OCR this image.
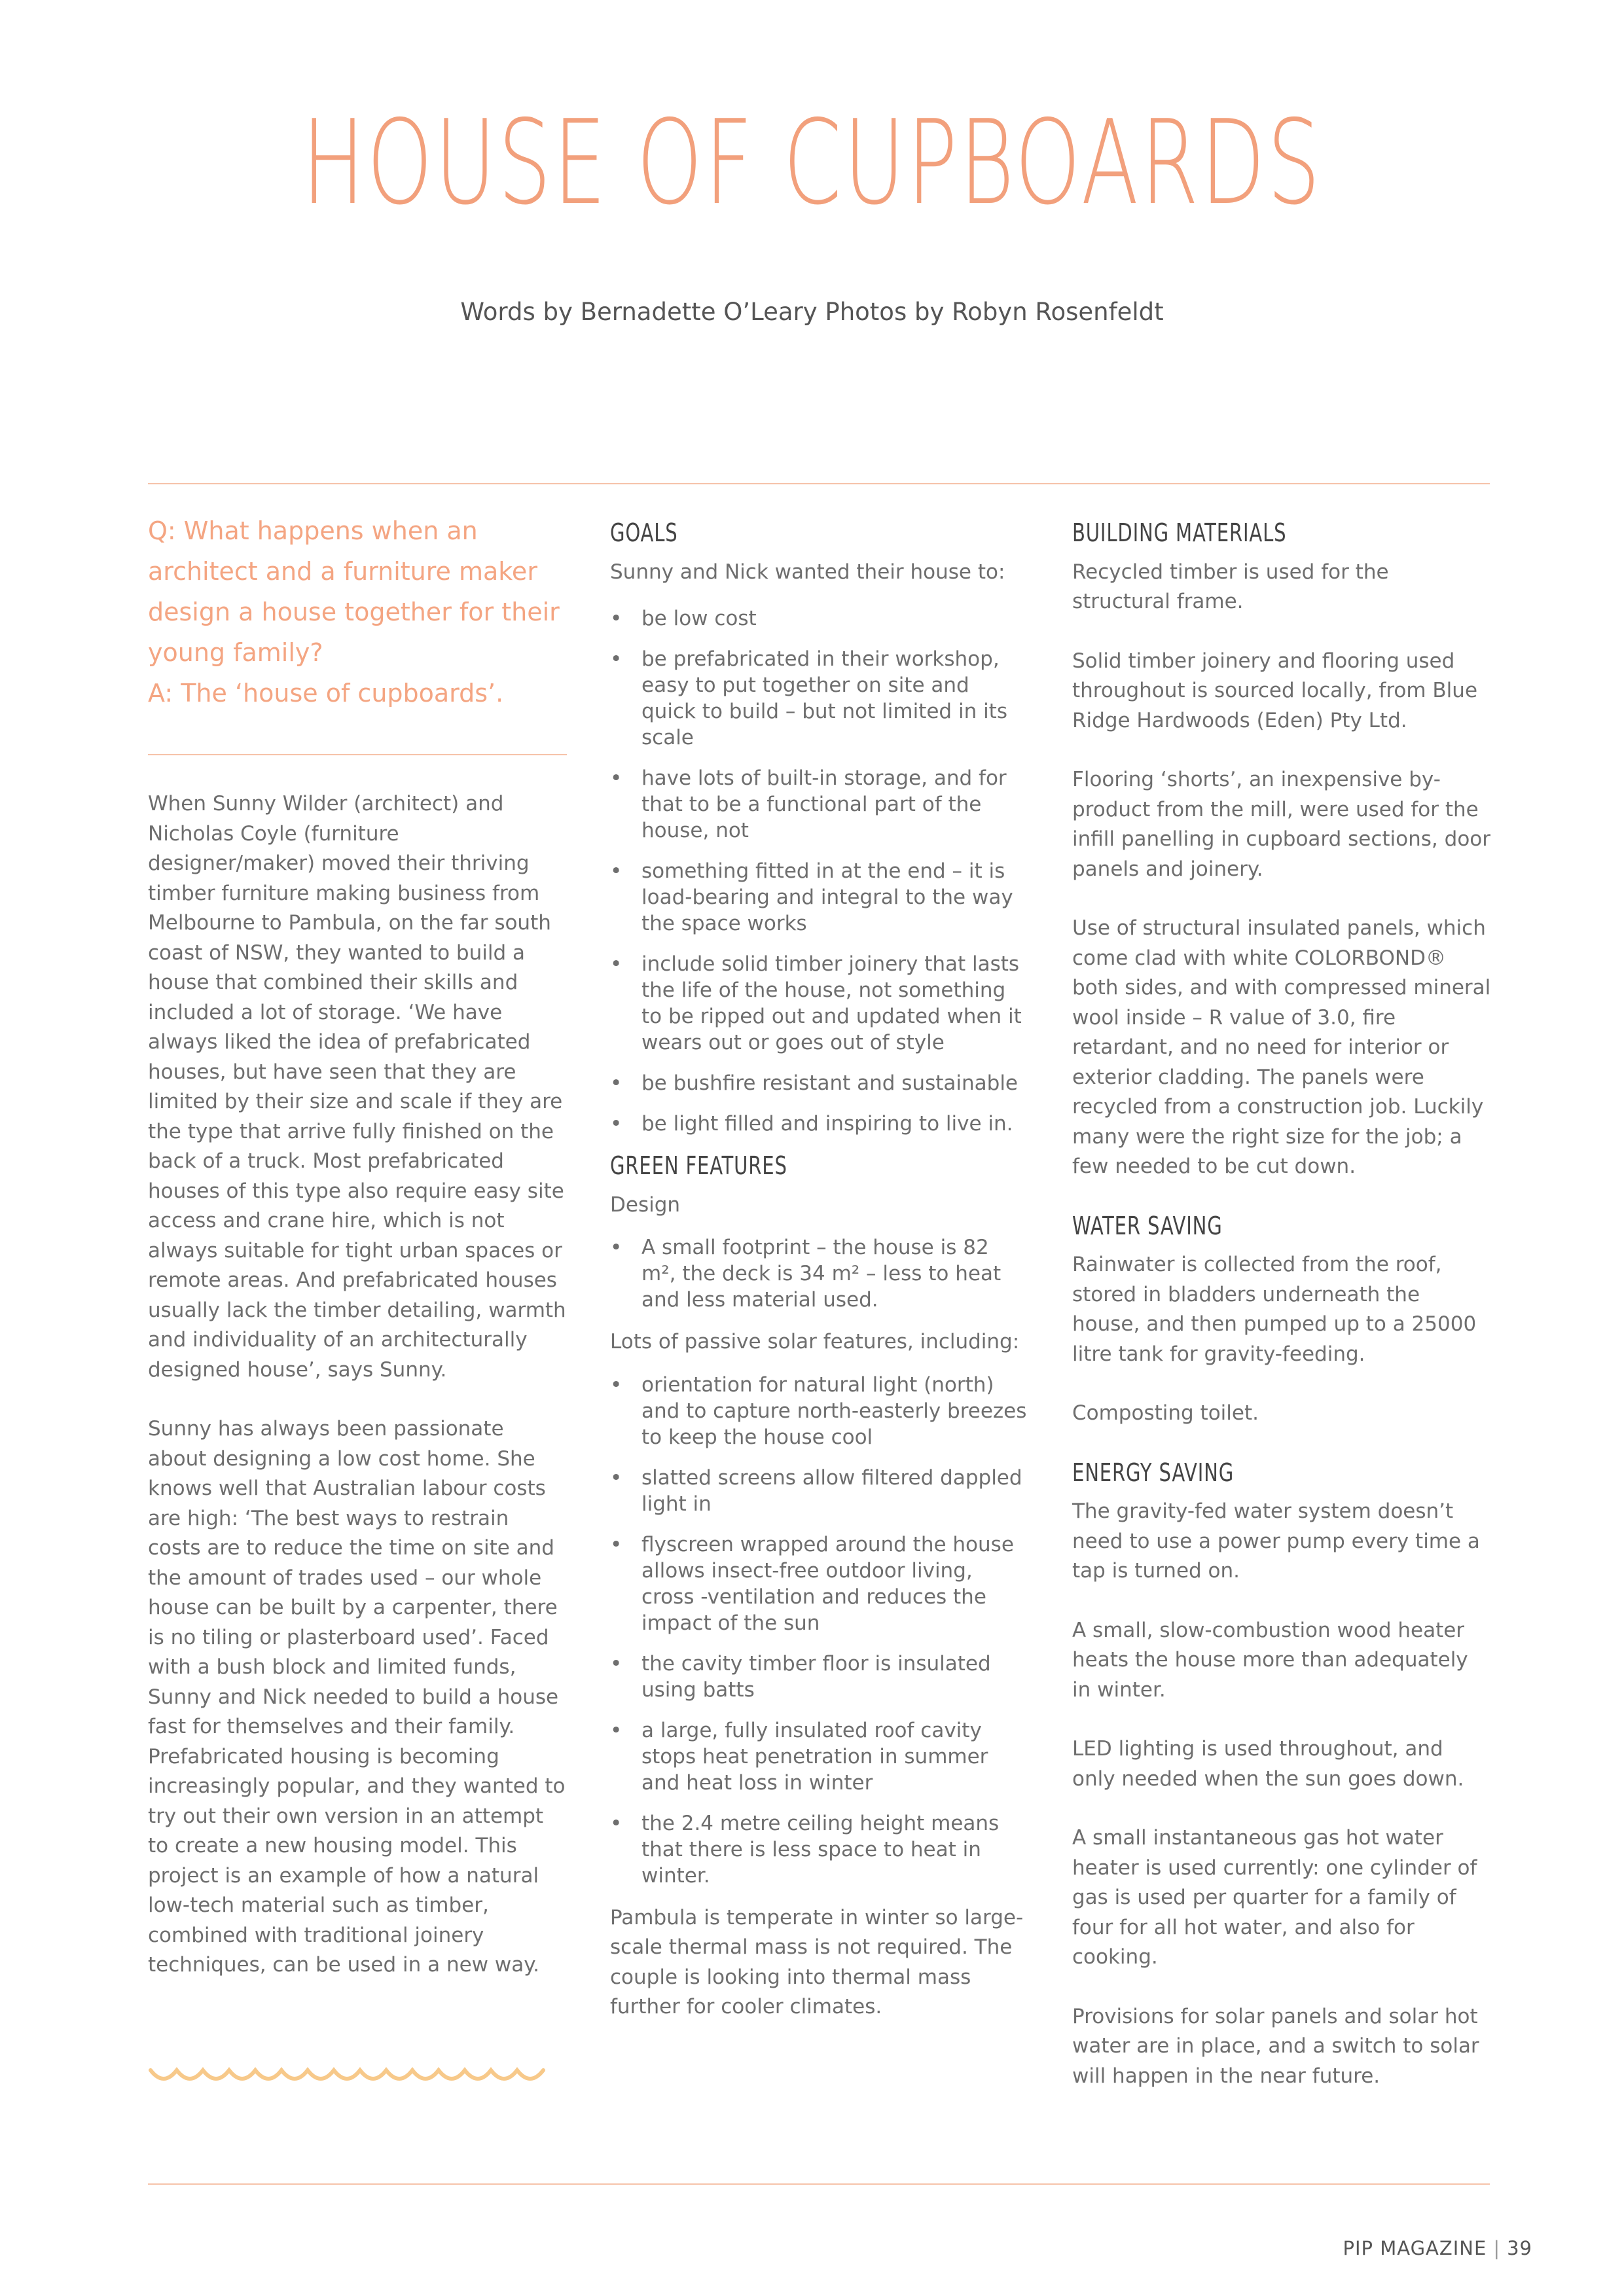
HOUSE OF CUPBOARDS
Words by Bernadette O’Leary Photos by Robyn Rosenfeldt
Q: What happens when an architect and a furniture maker design a house together for their young family?
A: The ‘house of cupboards’.

When Sunny Wilder (architect) and Nicholas Coyle (furniture designer/maker) moved their thriving timber furniture making business from Melbourne to Pambula, on the far south coast of NSW, they wanted to build a house that combined their skills and included a lot of storage. ‘We have always liked the idea of prefabricated houses, but have seen that they are limited by their size and scale if they are the type that arrive fully finished on the back of a truck. Most prefabricated houses of this type also require easy site access and crane hire, which is not always suitable for tight urban spaces or remote areas. And prefabricated houses usually lack the timber detailing, warmth and individuality of an architecturally designed house’, says Sunny.

Sunny has always been passionate about designing a low cost home. She knows well that Australian labour costs are high: ‘The best ways to restrain costs are to reduce the time on site and the amount of trades used – our whole house can be built by a carpenter, there is no tiling or plasterboard used’. Faced with a bush block and limited funds, Sunny and Nick needed to build a house fast for themselves and their family. Prefabricated housing is becoming increasingly popular, and they wanted to try out their own version in an attempt to create a new housing model. This project is an example of how a natural low-tech material such as timber, combined with traditional joinery techniques, can be used in a new way.

GOALS

Sunny and Nick wanted their house to:

• be low cost
• be prefabricated in their workshop, easy to put together on site and quick to build – but not limited in its scale
• have lots of built-in storage, and for that to be a functional part of the house, not
• something fitted in at the end – it is load-bearing and integral to the way the space works
• include solid timber joinery that lasts the life of the house, not something to be ripped out and updated when it wears out or goes out of style
• be bushfire resistant and sustainable
• be light filled and inspiring to live in.
GREEN FEATURES

Design

• A small footprint – the house is 82 m², the deck is 34 m² – less to heat and less material used.

Lots of passive solar features, including:

• orientation for natural light (north) and to capture north-easterly breezes to keep the house cool
• slatted screens allow filtered dappled light in
• flyscreen wrapped around the house allows insect-free outdoor living, cross -ventilation and reduces the impact of the sun
• the cavity timber floor is insulated using batts
• a large, fully insulated roof cavity stops heat penetration in summer and heat loss in winter
• the 2.4 metre ceiling height means that there is less space to heat in winter.

Pambula is temperate in winter so large-scale thermal mass is not required. The couple is looking into thermal mass further for cooler climates.

BUILDING MATERIALS

Recycled timber is used for the structural frame.

Solid timber joinery and flooring used throughout is sourced locally, from Blue Ridge Hardwoods (Eden) Pty Ltd.

Flooring ‘shorts’, an inexpensive by-product from the mill, were used for the infill panelling in cupboard sections, door panels and joinery.

Use of structural insulated panels, which come clad with white COLORBOND® both sides, and with compressed mineral wool inside – R value of 3.0, fire retardant, and no need for interior or exterior cladding. The panels were recycled from a construction job. Luckily many were the right size for the job; a few needed to be cut down.

WATER SAVING

Rainwater is collected from the roof, stored in bladders underneath the house, and then pumped up to a 25000 litre tank for gravity-feeding.

Composting toilet.

ENERGY SAVING

The gravity-fed water system doesn’t need to use a power pump every time a tap is turned on.

A small, slow-combustion wood heater heats the house more than adequately in winter.

LED lighting is used throughout, and only needed when the sun goes down.

A small instantaneous gas hot water heater is used currently: one cylinder of gas is used per quarter for a family of four for all hot water, and also for cooking.

Provisions for solar panels and solar hot water are in place, and a switch to solar will happen in the near future.

PIP MAGAZINE | 39
